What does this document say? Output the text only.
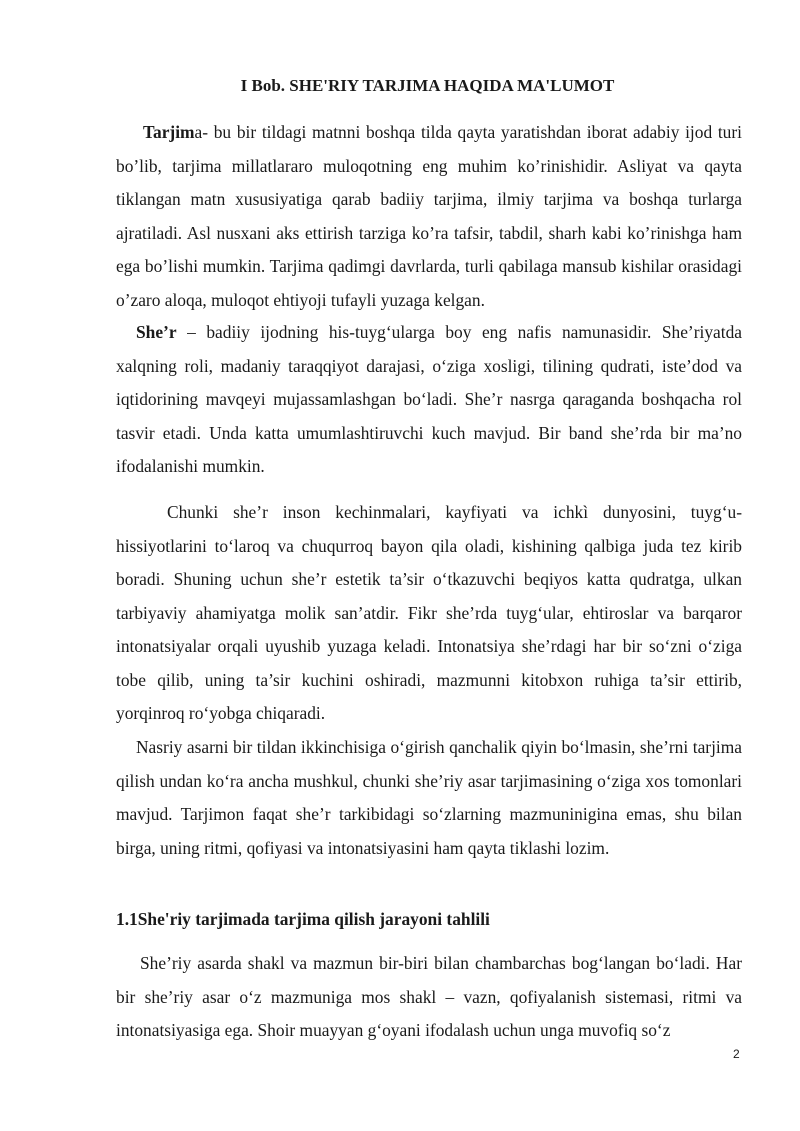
I Bob. SHE'RIY TARJIMA HAQIDA MA'LUMOT

Tarjima- bu bir tildagi matnni boshqa tilda qayta yaratishdan iborat adabiy ijod turi bo’lib, tarjima millatlararo muloqotning eng muhim ko’rinishidir. Asliyat va qayta tiklangan matn xususiyatiga qarab badiiy tarjima, ilmiy tarjima va boshqa turlarga ajratiladi. Asl nusxani aks ettirish tarziga ko’ra tafsir, tabdil, sharh kabi ko’rinishga ham ega bo’lishi mumkin. Tarjima qadimgi davrlarda, turli qabilaga mansub kishilar orasidagi o’zaro aloqa, muloqot ehtiyoji tufayli yuzaga kelgan.

She’r – badiiy ijodning his-tuyg‘ularga boy eng nafis namunasidir. She’riyatda xalqning roli, madaniy taraqqiyot darajasi, o‘ziga xosligi, tilining qudrati, iste’dod va iqtidorining mavqeyi mujassamlashgan bo‘ladi. She’r nasrga qaraganda boshqacha rol tasvir etadi. Unda katta umumlashtiruvchi kuch mavjud. Bir band she’rda bir ma’no ifodalanishi mumkin.

Chunki she’r inson kechinmalari, kayfiyati va ichkì dunyosini, tuyg‘u-hissiyotlarini to‘laroq va chuqurroq bayon qila oladi, kishining qalbiga juda tez kirib boradi. Shuning uchun she’r estetik ta’sir o‘tkazuvchi beqiyos katta qudratga, ulkan tarbiyaviy ahamiyatga molik san’atdir. Fikr she’rda tuyg‘ular, ehtiroslar va barqaror intonatsiyalar orqali uyushib yuzaga keladi. Intonatsiya she’rdagi har bir so‘zni o‘ziga tobe qilib, uning ta’sir kuchini oshiradi, mazmunni kitobxon ruhiga ta’sir ettirib, yorqinroq ro‘yobga chiqaradi.

Nasriy asarni bir tildan ikkinchisiga o‘girish qanchalik qiyin bo‘lmasin, she’rni tarjima qilish undan ko‘ra ancha mushkul, chunki she’riy asar tarjimasining o‘ziga xos tomonlari mavjud. Tarjimon faqat she’r tarkibidagi so‘zlarning mazmuninigina emas, shu bilan birga, uning ritmi, qofiyasi va intonatsiyasini ham qayta tiklashi lozim.

1.1She'riy tarjimada tarjima qilish jarayoni tahlili

She’riy asarda shakl va mazmun bir-biri bilan chambarchas bog‘langan bo‘ladi. Har bir she’riy asar o‘z mazmuniga mos shakl – vazn, qofiyalanish sistemasi, ritmi va intonatsiyasiga ega. Shoir muayyan g‘oyani ifodalash uchun unga muvofiq so‘z

2
